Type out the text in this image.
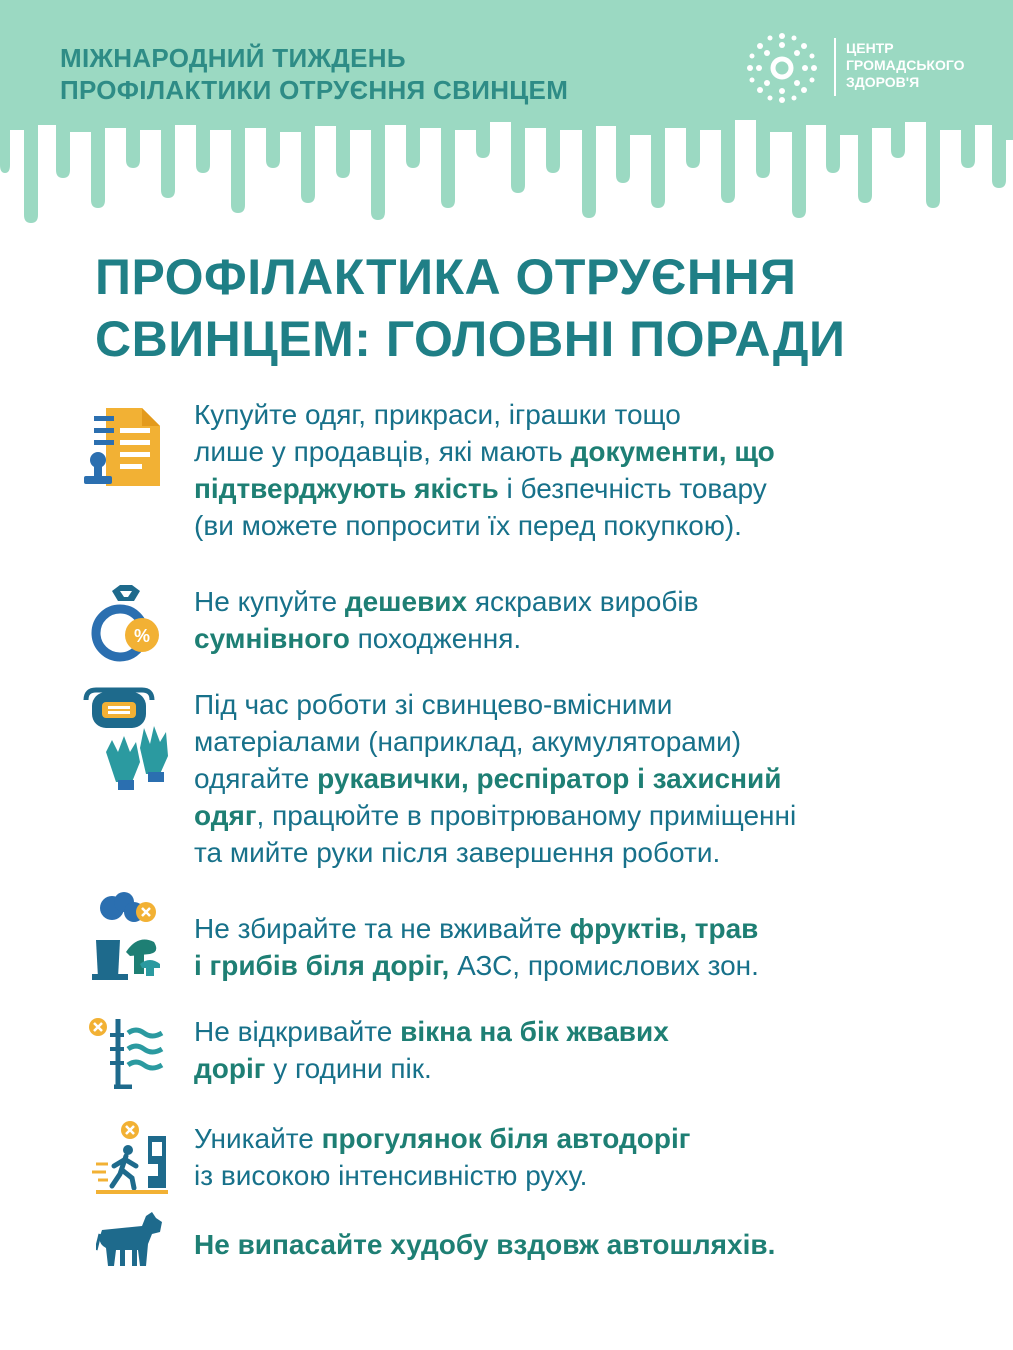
МІЖНАРОДНИЙ ТИЖДЕНЬ
ПРОФІЛАКТИКИ ОТРУЄННЯ СВИНЦЕМ
ЦЕНТР
ГРОМАДСЬКОГО
ЗДОРОВ'Я
ПРОФІЛАКТИКА ОТРУЄННЯ
СВИНЦЕМ: ГОЛОВНІ ПОРАДИ

Купуйте одяг, прикраси, іграшки тощо
лише у продавців, які мають документи, що
підтверджують якість і безпечність товару
(ви можете попросити їх перед покупкою).

%

Не купуйте дешевих яскравих виробів
сумнівного походження.

Під час роботи зі свинцево-вмісними
матеріалами (наприклад, акумуляторами)
одягайте рукавички, респіратор і захисний
одяг, працюйте в провітрюваному приміщенні
та мийте руки після завершення роботи.

Не збирайте та не вживайте фруктів, трав
і грибів біля доріг, АЗС, промислових зон.

Не відкривайте вікна на бік жвавих
доріг у години пік.

Уникайте прогулянок біля автодоріг
із високою інтенсивністю руху.

Не випасайте худобу вздовж автошляхів.
